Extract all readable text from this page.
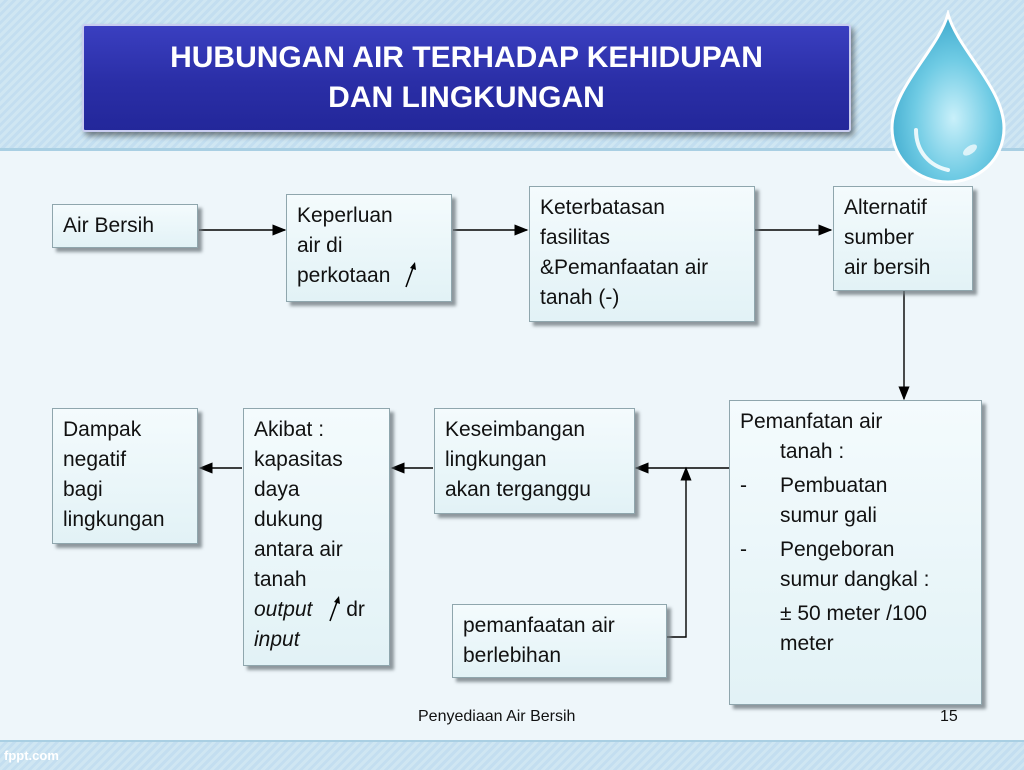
HUBUNGAN AIR TERHADAP KEHIDUPAN
DAN LINGKUNGAN
Air Bersih	Keperluan
air di
perkotaan
Keterbatasan
fasilitas
&Pemanfaatan air
tanah (-)
Alternatif
sumber
air bersih
Pemanfatan air
tanah :
- Pembuatan
sumur gali
- Pengeboran
sumur dangkal :
± 50 meter /100
meter
Keseimbangan
lingkungan
akan terganggu
Akibat :
kapasitas
daya
dukung
antara air
tanah
output dr
input
Dampak
negatif
bagi
lingkungan
pemanfaatan air
berlebihan
Penyediaan Air Bersih	15
fppt.com
